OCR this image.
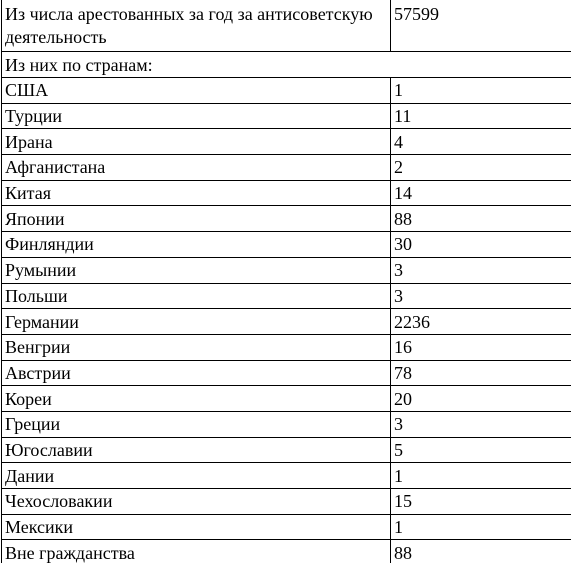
Из числа арестованных за год за антисоветскую деятельность	57599
Из них по странам:	
США	1
Турции	11
Ирана	4
Афганистана	2
Китая	14
Японии	88
Финляндии	30
Румынии	3
Польши	3
Германии	2236
Венгрии	16
Австрии	78
Кореи	20
Греции	3
Югославии	5
Дании	1
Чехословакии	15
Мексики	1
Вне гражданства	88
